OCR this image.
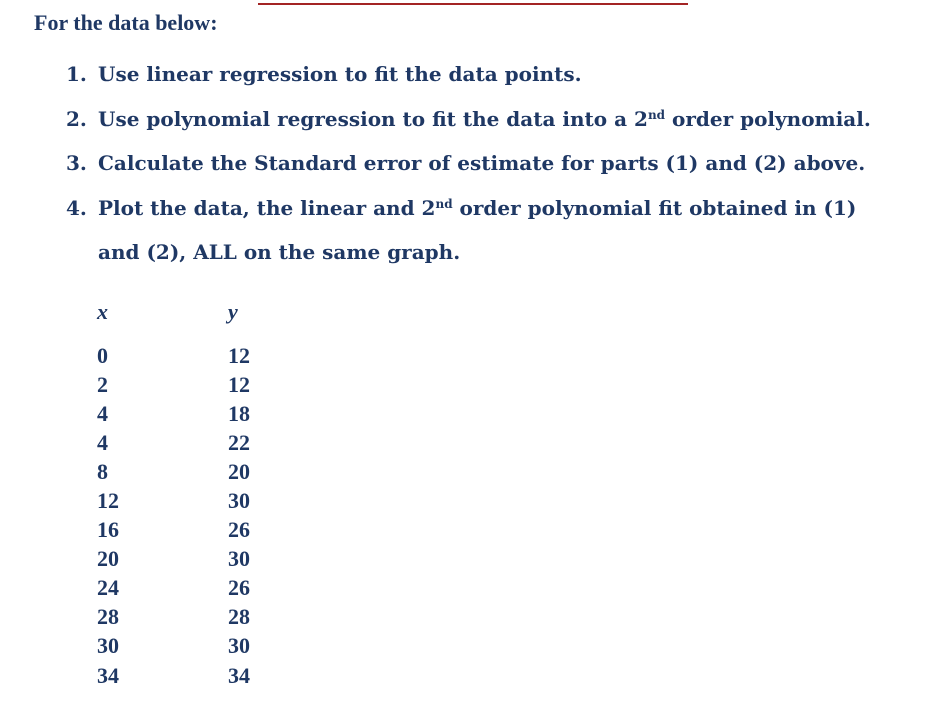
For the data below:
1. Use linear regression to fit the data points.
2. Use polynomial regression to fit the data into a 2nd order polynomial.
3. Calculate the Standard error of estimate for parts (1) and (2) above.
4. Plot the data, the linear and 2nd order polynomial fit obtained in (1)
and (2), ALL on the same graph.
x	y
0	12
2	12
4	18
4	22
8	20
12	30
16	26
20	30
24	26
28	28
30	30
34	34
